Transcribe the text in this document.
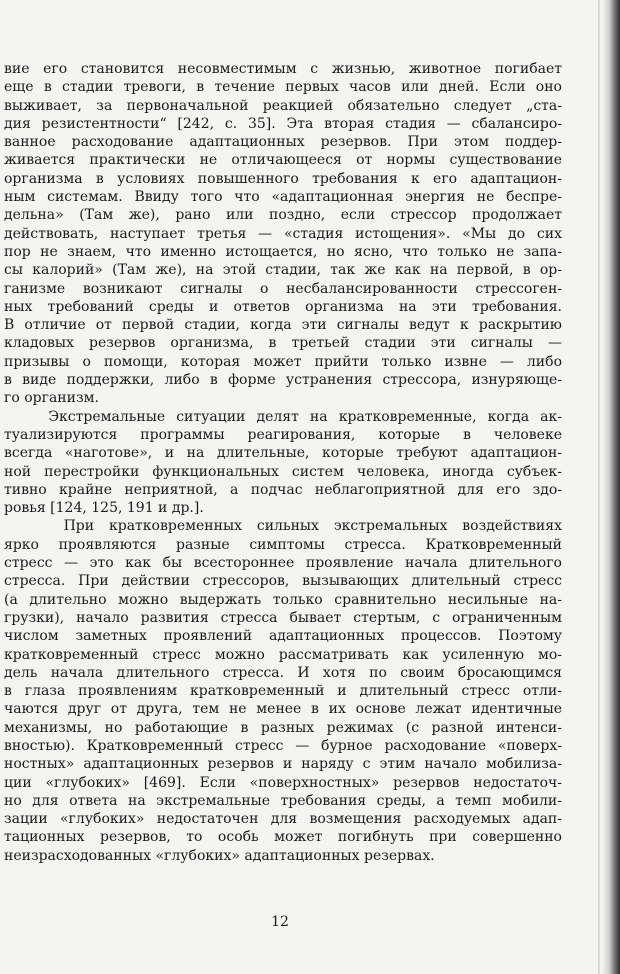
вие его становится несовместимым с жизнью, животное погибает
еще в стадии тревоги, в течение первых часов или дней. Если оно
выживает, за первоначальной реакцией обязательно следует „ста-
дия резистентности“ [242, с. 35]. Эта вторая стадия — сбалансиро-
ванное расходование адаптационных резервов. При этом поддер-
живается практически не отличающееся от нормы существование
организма в условиях повышенного требования к его адаптацион-
ным системам. Ввиду того что «адаптационная энергия не беспре-
дельна» (Там же), рано или поздно, если стрессор продолжает
действовать, наступает третья — «стадия истощения». «Мы до сих
пор не знаем, что именно истощается, но ясно, что только не запа-
сы калорий» (Там же), на этой стадии, так же как на первой, в ор-
ганизме возникают сигналы о несбалансированности стрессоген-
ных требований среды и ответов организма на эти требования.
В отличие от первой стадии, когда эти сигналы ведут к раскрытию
кладовых резервов организма, в третьей стадии эти сигналы —
призывы о помощи, которая может прийти только извне — либо
в виде поддержки, либо в форме устранения стрессора, изнуряюще-
го организм.
Экстремальные ситуации делят на кратковременные, когда ак-
туализируются программы реагирования, которые в человеке
всегда «наготове», и на длительные, которые требуют адаптацион-
ной перестройки функциональных систем человека, иногда субъек-
тивно крайне неприятной, а подчас неблагоприятной для его здо-
ровья [124, 125, 191 и др.].
При кратковременных сильных экстремальных воздействиях
ярко проявляются разные симптомы стресса. Кратковременный
стресс — это как бы всестороннее проявление начала длительного
стресса. При действии стрессоров, вызывающих длительный стресс
(а длительно можно выдержать только сравнительно несильные на-
грузки), начало развития стресса бывает стертым, с ограниченным
числом заметных проявлений адаптационных процессов. Поэтому
кратковременный стресс можно рассматривать как усиленную мо-
дель начала длительного стресса. И хотя по своим бросающимся
в глаза проявлениям кратковременный и длительный стресс отли-
чаются друг от друга, тем не менее в их основе лежат идентичные
механизмы, но работающие в разных режимах (с разной интенси-
вностью). Кратковременный стресс — бурное расходование «поверх-
ностных» адаптационных резервов и наряду с этим начало мобилиза-
ции «глубоких» [469]. Если «поверхностных» резервов недостаточ-
но для ответа на экстремальные требования среды, а темп мобили-
зации «глубоких» недостаточен для возмещения расходуемых адап-
тационных резервов, то особь может погибнуть при совершенно
неизрасходованных «глубоких» адаптационных резервах.
12
